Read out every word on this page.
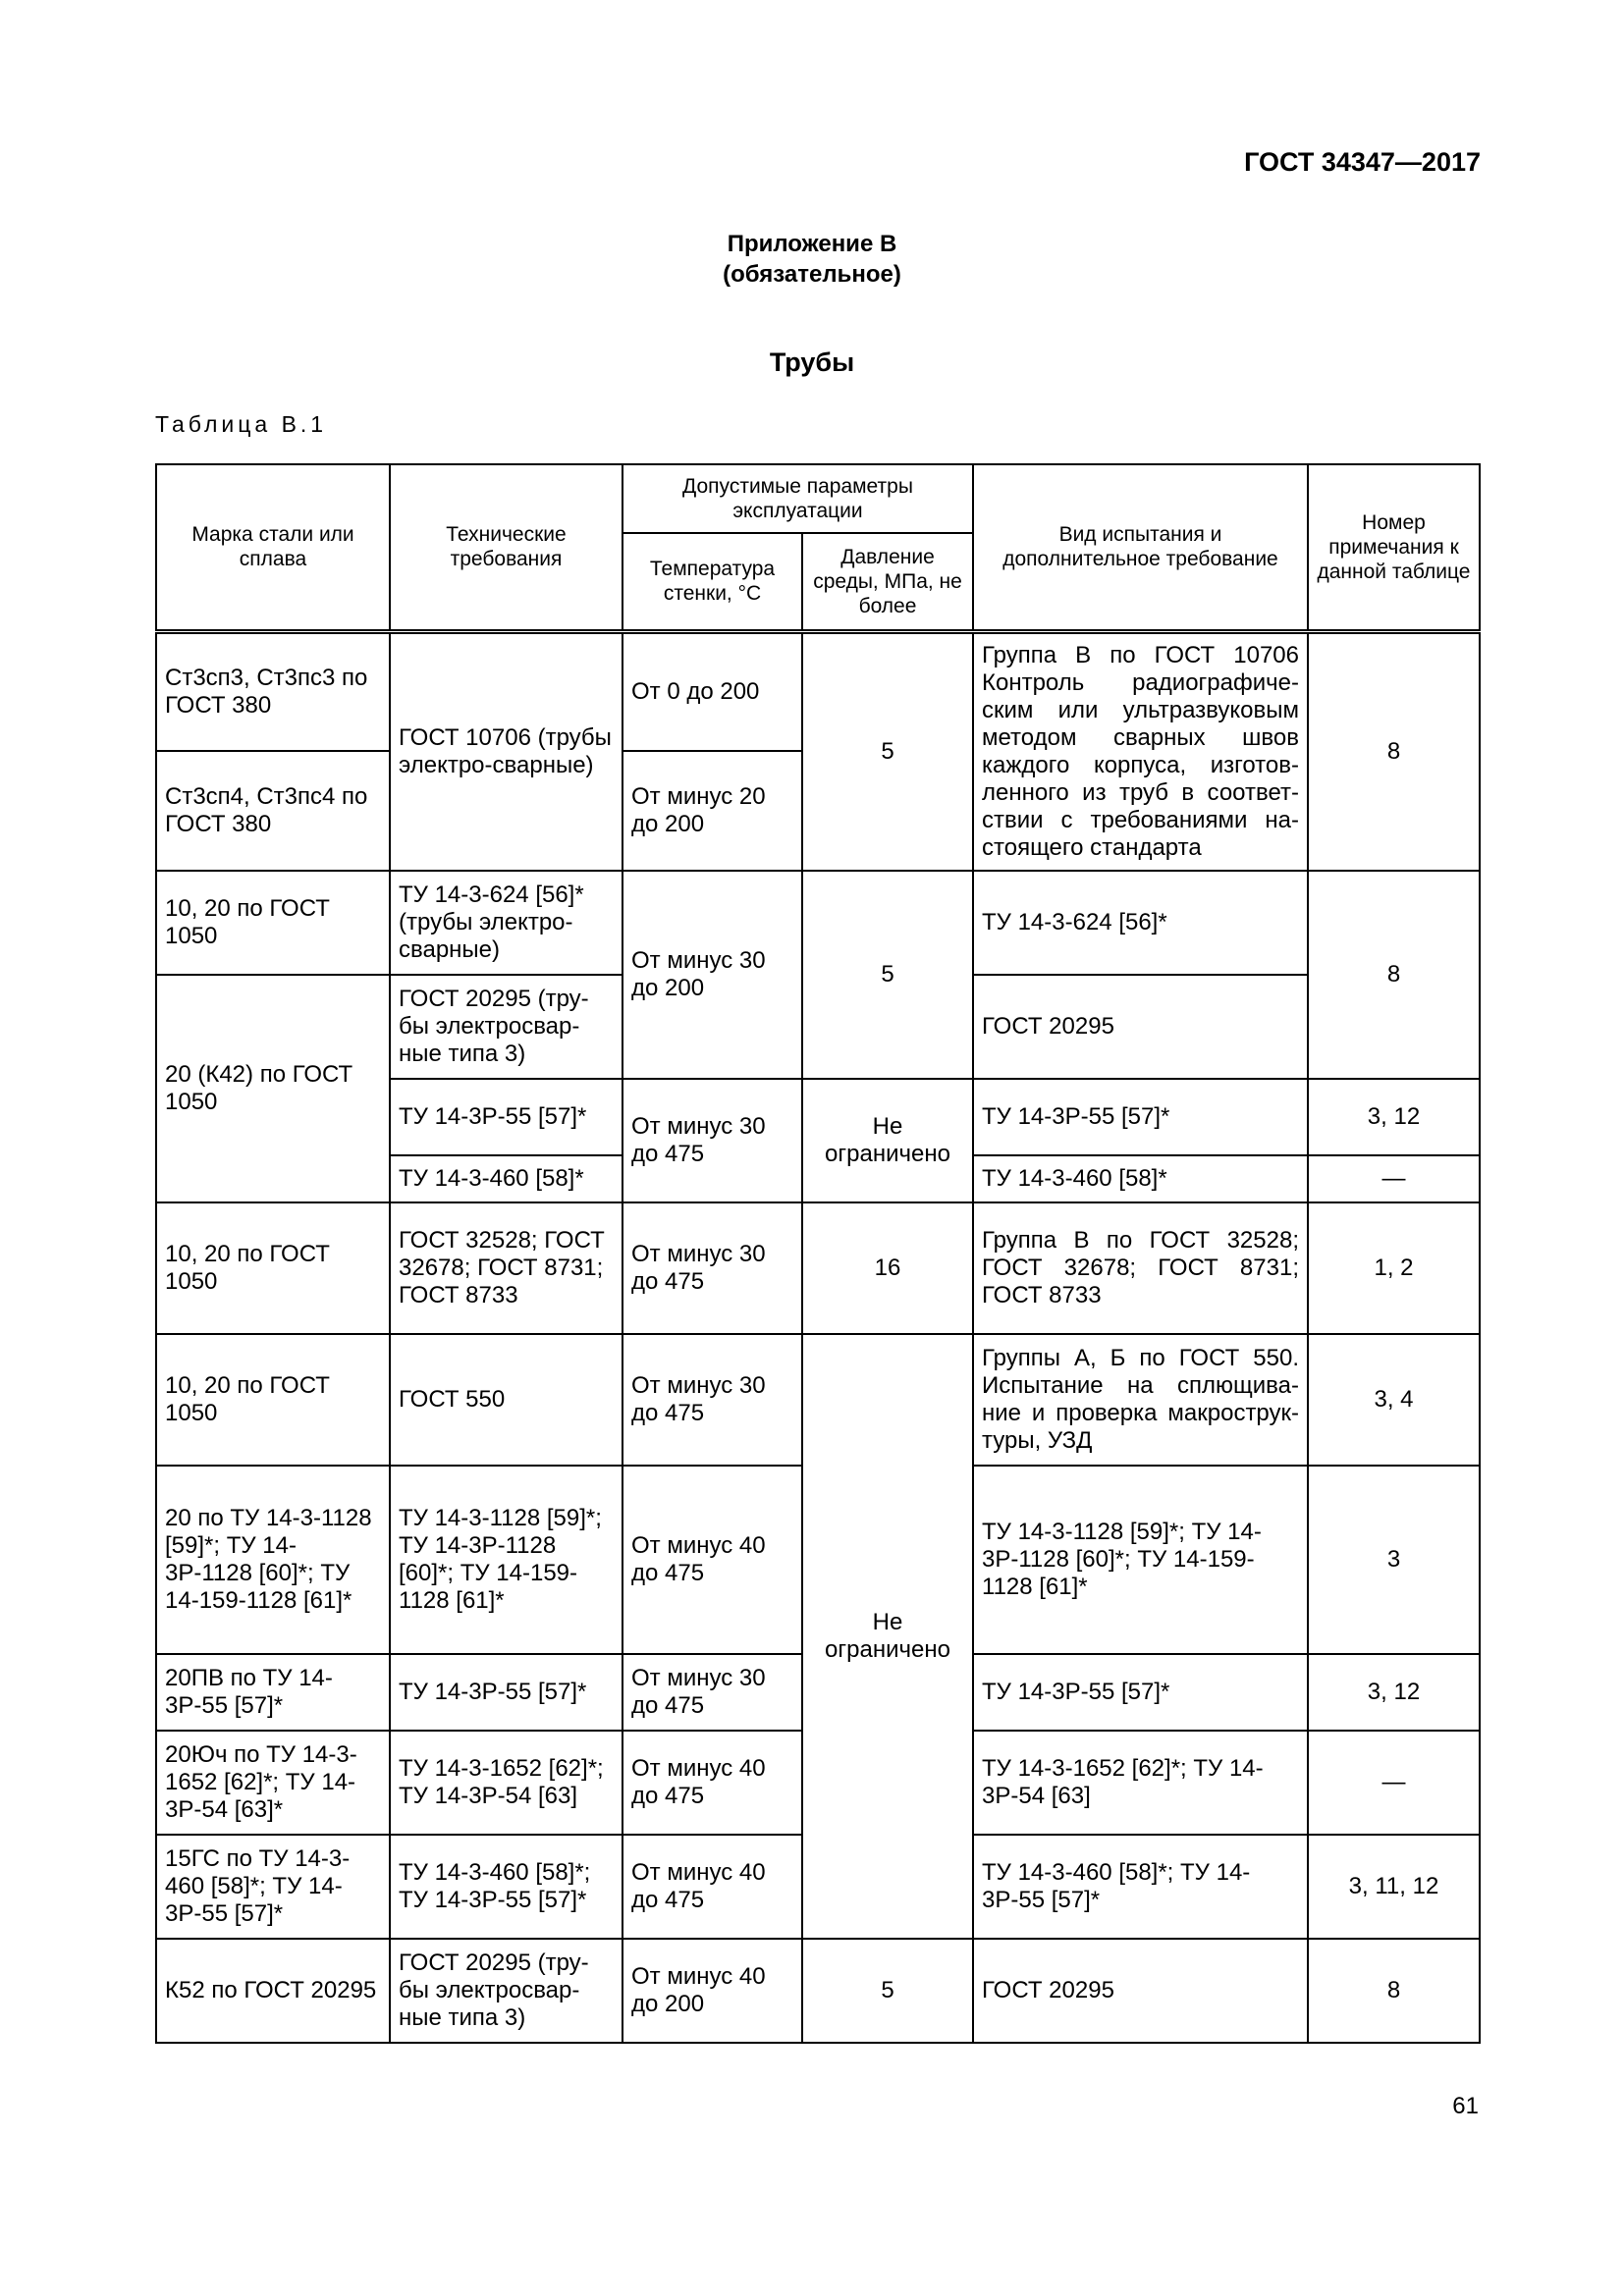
ГОСТ 34347—2017
Приложение В
(обязательное)
Трубы
Таблица В.1
Марка стали или сплава	Технические требования	Допустимые параметры эксплуатации		Вид испытания и дополнительное требование	Номер примечания к данной таблице
		Температура стенки, °С	Давление среды, МПа, не более		
Ст3сп3, Ст3пс3 по ГОСТ 380	ГОСТ 10706 (трубы электро-сварные)	От 0 до 200	5	Группа В по ГОСТ 10706 Контроль радиографиче-ским или ультразвуковым методом сварных швов каждого корпуса, изготов-ленного из труб в соответ-ствии с требованиями на-стоящего стандарта	8
Ст3сп4, Ст3пс4 по ГОСТ 380		От минус 20 до 200			
10, 20 по ГОСТ 1050	ТУ 14-3-624 [56]* (трубы электро-сварные)	От минус 30 до 200	5	ТУ 14-3-624 [56]*	8
20 (К42) по ГОСТ 1050	ГОСТ 20295 (тру-бы электросвар-ные типа 3)			ГОСТ 20295	
	ТУ 14-3Р-55 [57]*	От минус 30 до 475	Не ограничено	ТУ 14-3Р-55 [57]*	3, 12
	ТУ 14-3-460 [58]*			ТУ 14-3-460 [58]*	—
10, 20 по ГОСТ 1050	ГОСТ 32528; ГОСТ 32678; ГОСТ 8731; ГОСТ 8733	От минус 30 до 475	16	Группа В по ГОСТ 32528; ГОСТ 32678; ГОСТ 8731; ГОСТ 8733	1, 2
10, 20 по ГОСТ 1050	ГОСТ 550	От минус 30 до 475	Не ограничено	Группы А, Б по ГОСТ 550. Испытание на сплющива-ние и проверка макрострук-туры, УЗД	3, 4
20 по ТУ 14-3-1128 [59]*; ТУ 14-3Р-1128 [60]*; ТУ 14-159-1128 [61]*	ТУ 14-3-1128 [59]*; ТУ 14-3Р-1128 [60]*; ТУ 14-159-1128 [61]*	От минус 40 до 475		ТУ 14-3-1128 [59]*; ТУ 14-3Р-1128 [60]*; ТУ 14-159-1128 [61]*	3
20ПВ по ТУ 14-3Р-55 [57]*	ТУ 14-3Р-55 [57]*	От минус 30 до 475		ТУ 14-3Р-55 [57]*	3, 12
20Юч по ТУ 14-3-1652 [62]*; ТУ 14-3Р-54 [63]*	ТУ 14-3-1652 [62]*; ТУ 14-3Р-54 [63]	От минус 40 до 475		ТУ 14-3-1652 [62]*; ТУ 14-3Р-54 [63]	—
15ГС по ТУ 14-3-460 [58]*; ТУ 14-3Р-55 [57]*	ТУ 14-3-460 [58]*; ТУ 14-3Р-55 [57]*	От минус 40 до 475		ТУ 14-3-460 [58]*; ТУ 14-3Р-55 [57]*	3, 11, 12
К52 по ГОСТ 20295	ГОСТ 20295 (тру-бы электросвар-ные типа 3)	От минус 40 до 200	5	ГОСТ 20295	8
61
